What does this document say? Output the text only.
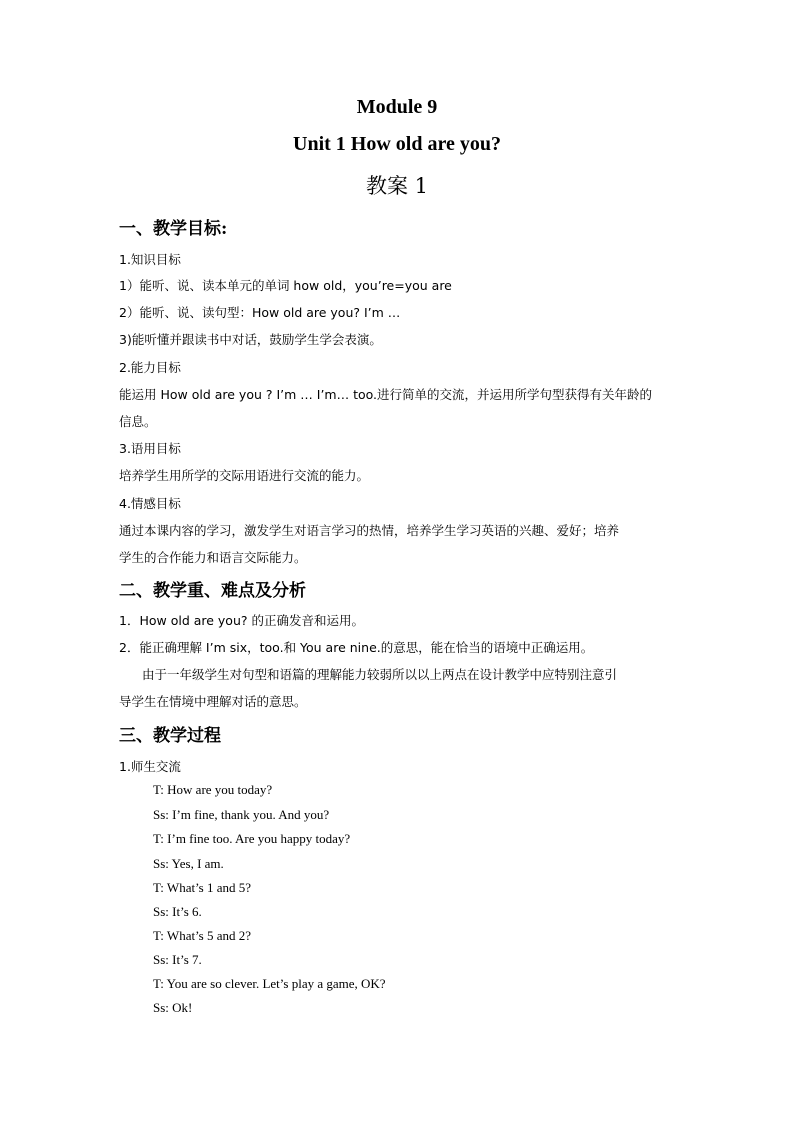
Module 9
Unit 1 How old are you?
教案 1
一、教学目标:
1.知识目标
1）能听、说、读本单元的单词 how old，you’re=you are
2）能听、说、读句型：How old are you? I’m …
3)能听懂并跟读书中对话，鼓励学生学会表演。
2.能力目标
能运用 How old are you ? I’m … I’m… too.进行简单的交流，并运用所学句型获得有关年龄的
信息。
3.语用目标
培养学生用所学的交际用语进行交流的能力。
4.情感目标
通过本课内容的学习，激发学生对语言学习的热情，培养学生学习英语的兴趣、爱好；培养
学生的合作能力和语言交际能力。
二、教学重、难点及分析
1．How old are you? 的正确发音和运用。
2．能正确理解 I’m six，too.和 You are nine.的意思，能在恰当的语境中正确运用。
由于一年级学生对句型和语篇的理解能力较弱所以以上两点在设计教学中应特别注意引
导学生在情境中理解对话的意思。
三、教学过程
1.师生交流
T: How are you today?
Ss: I’m fine, thank you. And you?
T: I’m fine too. Are you happy today?
Ss: Yes, I am.
T: What’s 1 and 5?
Ss: It’s 6.
T: What’s 5 and 2?
Ss: It’s 7.
T: You are so clever. Let’s play a game, OK?
Ss: Ok!
